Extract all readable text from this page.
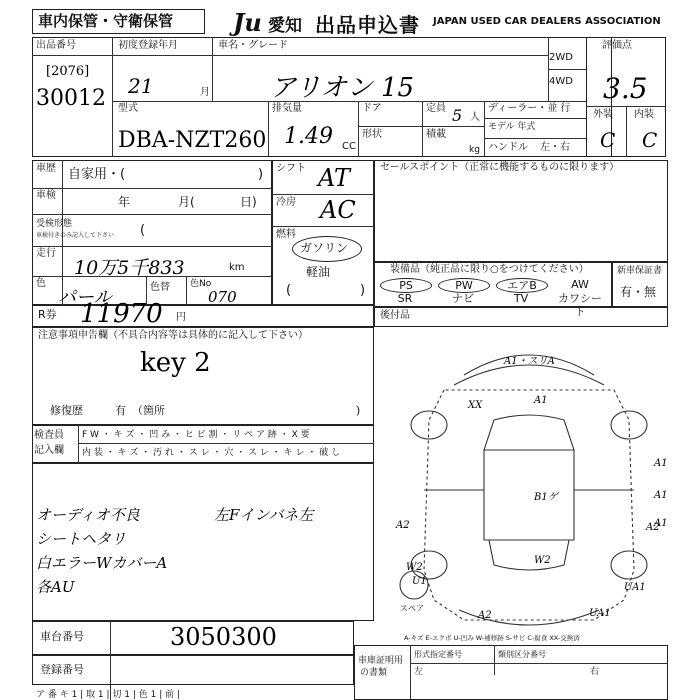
車内保管・守衛保管 Ju 愛知 出品申込書 JAPAN USED CAR DEALERS ASSOCIATION
出品番号
[2076]
30012
初度登録年月
21	月
車名・グレード
アリオン 15
2WD
4WD
評価点
3.5
外装 内装
C C
型式
DBA-NZT260
排気量
1.49 CC
ドア
形状
定員 5 人
積載
kg
ディーラー・並 行
モデル 年式
ハンドル 左・右
車歴 自家用・(	)
車検	年	月(	日)
受検形態
車検付きのみ記入して下さい (
走行
10万5千833	km
色
パール	色替 色No
070
R券 11970 円
シフト AT
冷房 AC
燃料
ガソリン
軽油
(	)
セールスポイント（正常に機能するものに限ります）
装備品（純正品に限り○をつけてください）
PS	PW	エアB	AW
SR	ナビ	TV	カワシート
新車保証書
有・無
後付品
注意事項申告欄（不具合内容等は具体的に記入して下さい）
key 2
修復歴	有 （箇所	)
検査員
記入欄
F W ・ キ ズ ・ 凹 み ・ ヒ ビ 割 ・ リ ペ ア 跡 ・ X 要
内 装 ・ キ ズ ・ 汚 れ ・ ス レ ・ 穴 ・ ス レ ・ キ レ ・ 破 し
オーディオ不良
シートヘタリ
白エラーWカバーA
各AU
左Fインバネ左
A1・スリA
A1
XX
A1
A1
A1
A2
A2
B1ゲ
W2
W2
U1
UA1
UA1
A2
スペア
A-キズ E-エクボ U-凹み W-補修跡 S-サビ C-腐食 XX-交換済
車台番号	3050300
登録番号
車庫証明用
の書類
形式指定番号	類別区分番号
左	右
ア 番 キ 1 | 取 1 | 切 1 | 色 1 | 前 |
